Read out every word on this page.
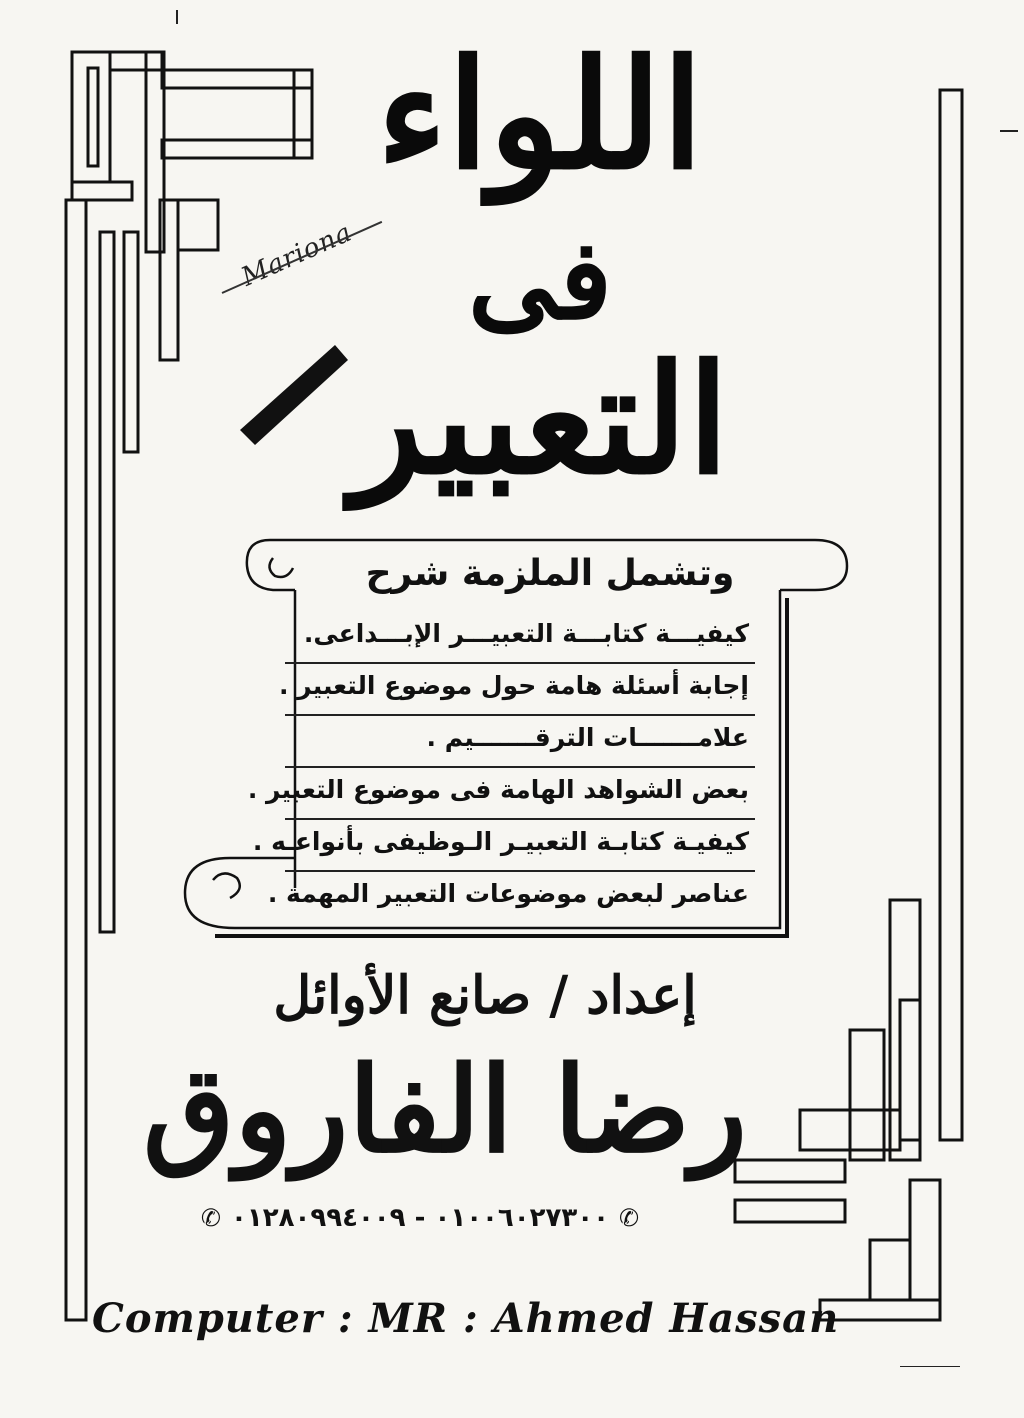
اللواء
فى
التعبير
Mariona
وتشمل الملزمة شرح
كيفيـــة كتابـــة التعبيـــر الإبـــداعى.
إجابة أسئلة هامة حول موضوع التعبير .
علامـــــــات الترقـــــــيم .
بعض الشواهد الهامة فى موضوع التعبير .
كيفيـة كتابـة التعبيـر الـوظيفى بأنواعـه .
عناصر لبعض موضوعات التعبير المهمة .
إعداد / صانع الأوائل
رضا الفاروق
✆
٠١٠٠٦٠٢٧٣٠٠ - ٠١٢٨٠٩٩٤٠٠٩
✆
Computer : MR : Ahmed Hassan
